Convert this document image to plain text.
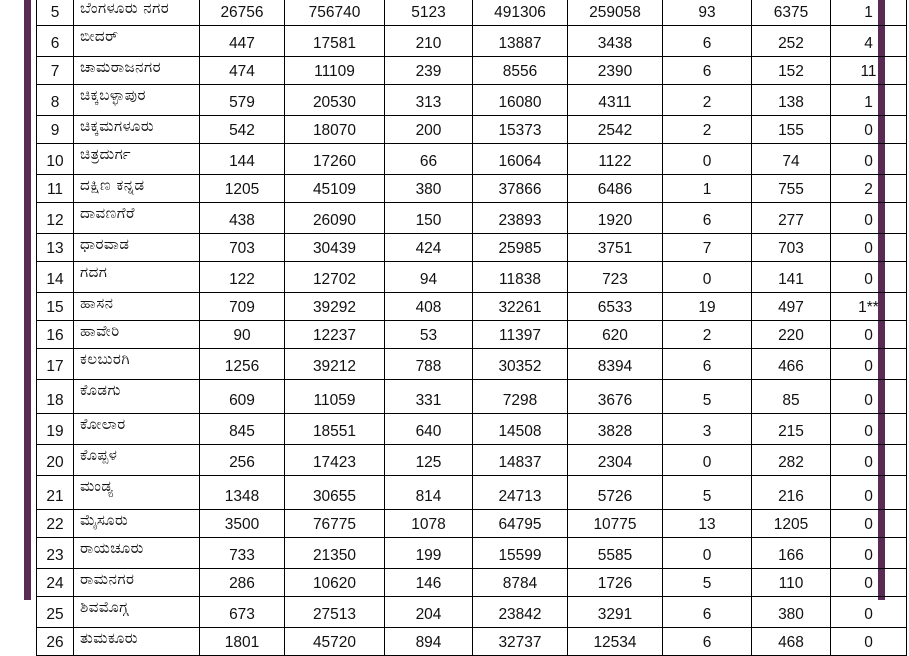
5	ಬೆಂಗಳೂರು ನಗರ	26756	756740	5123	491306	259058	93	6375	1
6	ಬೀದರ್	447	17581	210	13887	3438	6	252	4
7	ಚಾಮರಾಜನಗರ	474	11109	239	8556	2390	6	152	11
8	ಚಿಕ್ಕಬಳ್ಳಾಪುರ	579	20530	313	16080	4311	2	138	1
9	ಚಿಕ್ಕಮಗಳೂರು	542	18070	200	15373	2542	2	155	0
10	ಚಿತ್ರದುರ್ಗ	144	17260	66	16064	1122	0	74	0
11	ದಕ್ಷಿಣ ಕನ್ನಡ	1205	45109	380	37866	6486	1	755	2
12	ದಾವಣಗೆರೆ	438	26090	150	23893	1920	6	277	0
13	ಧಾರವಾಡ	703	30439	424	25985	3751	7	703	0
14	ಗದಗ	122	12702	94	11838	723	0	141	0
15	ಹಾಸನ	709	39292	408	32261	6533	19	497	1**
16	ಹಾವೇರಿ	90	12237	53	11397	620	2	220	0
17	ಕಲಬುರಗಿ	1256	39212	788	30352	8394	6	466	0
18	ಕೊಡಗು	609	11059	331	7298	3676	5	85	0
19	ಕೋಲಾರ	845	18551	640	14508	3828	3	215	0
20	ಕೊಪ್ಪಳ	256	17423	125	14837	2304	0	282	0
21	ಮಂಡ್ಯ	1348	30655	814	24713	5726	5	216	0
22	ಮೈಸೂರು	3500	76775	1078	64795	10775	13	1205	0
23	ರಾಯಚೂರು	733	21350	199	15599	5585	0	166	0
24	ರಾಮನಗರ	286	10620	146	8784	1726	5	110	0
25	ಶಿವಮೊಗ್ಗ	673	27513	204	23842	3291	6	380	0
26	ತುಮಕೂರು	1801	45720	894	32737	12534	6	468	0
